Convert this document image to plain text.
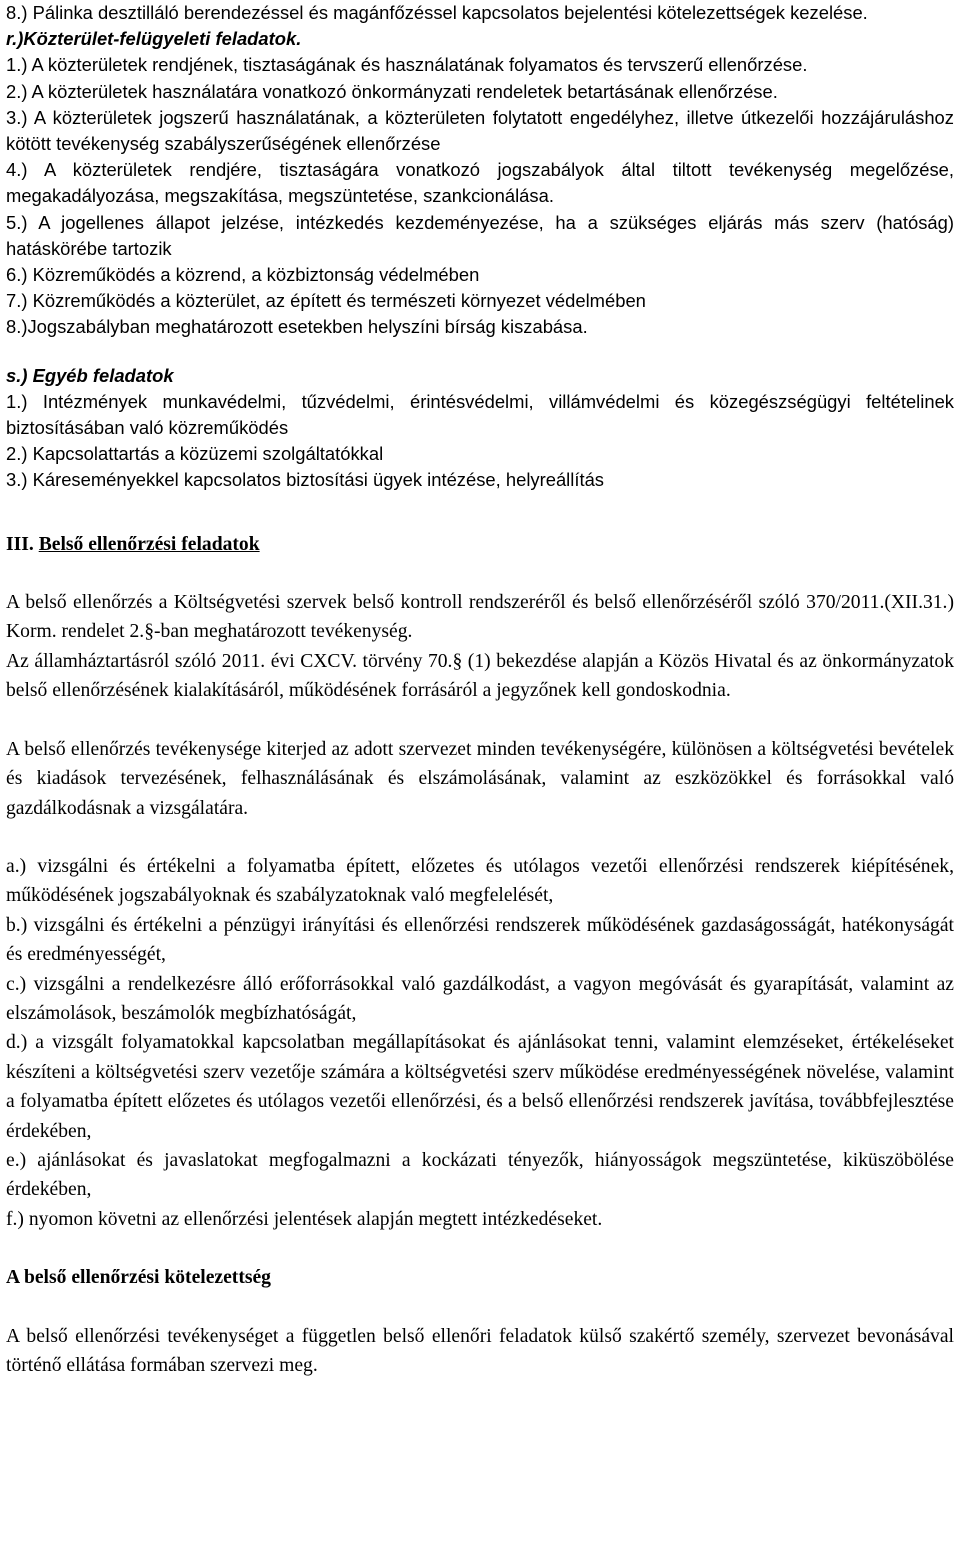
8.) Pálinka desztilláló berendezéssel és magánfőzéssel kapcsolatos bejelentési kötelezettségek kezelése.

r.)Közterület-felügyeleti feladatok.

1.) A közterületek rendjének, tisztaságának és használatának folyamatos és tervszerű ellenőrzése.

2.) A közterületek használatára vonatkozó önkormányzati rendeletek betartásának ellenőrzése.

3.) A közterületek jogszerű használatának, a közterületen folytatott engedélyhez, illetve útkezelői hozzájáruláshoz kötött tevékenység szabályszerűségének ellenőrzése

4.) A közterületek rendjére, tisztaságára vonatkozó jogszabályok által tiltott tevékenység megelőzése, megakadályozása, megszakítása, megszüntetése, szankcionálása.

5.) A jogellenes állapot jelzése, intézkedés kezdeményezése, ha a szükséges eljárás más szerv (hatóság) hatáskörébe tartozik

6.) Közreműködés a közrend, a közbiztonság védelmében

7.) Közreműködés a közterület, az épített és természeti környezet védelmében

8.)Jogszabályban meghatározott esetekben helyszíni bírság kiszabása.

s.) Egyéb feladatok

1.) Intézmények munkavédelmi, tűzvédelmi, érintésvédelmi, villámvédelmi és közegészségügyi feltételinek biztosításában való közreműködés

2.) Kapcsolattartás a közüzemi szolgáltatókkal

3.) Káreseményekkel kapcsolatos biztosítási ügyek intézése, helyreállítás

III. Belső ellenőrzési feladatok

A belső ellenőrzés a Költségvetési szervek belső kontroll rendszeréről és belső ellenőrzéséről szóló 370/2011.(XII.31.) Korm. rendelet 2.§-ban meghatározott tevékenység.

Az államháztartásról szóló 2011. évi CXCV. törvény 70.§ (1) bekezdése alapján a Közös Hivatal és az önkormányzatok belső ellenőrzésének kialakításáról, működésének forrásáról a jegyzőnek kell gondoskodnia.

A belső ellenőrzés tevékenysége kiterjed az adott szervezet minden tevékenységére, különösen a költségvetési bevételek és kiadások tervezésének, felhasználásának és elszámolásának, valamint az eszközökkel és forrásokkal való gazdálkodásnak a vizsgálatára.

a.) vizsgálni és értékelni a folyamatba épített, előzetes és utólagos vezetői ellenőrzési rendszerek kiépítésének, működésének jogszabályoknak és szabályzatoknak való megfelelését,

b.) vizsgálni és értékelni a pénzügyi irányítási és ellenőrzési rendszerek működésének gazdaságosságát, hatékonyságát és eredményességét,

c.) vizsgálni a rendelkezésre álló erőforrásokkal való gazdálkodást, a vagyon megóvását és gyarapítását, valamint az elszámolások, beszámolók megbízhatóságát,

d.) a vizsgált folyamatokkal kapcsolatban megállapításokat és ajánlásokat tenni, valamint elemzéseket, értékeléseket készíteni a költségvetési szerv vezetője számára a költségvetési szerv működése eredményességének növelése, valamint a folyamatba épített előzetes és utólagos vezetői ellenőrzési, és a belső ellenőrzési rendszerek javítása, továbbfejlesztése érdekében,

e.) ajánlásokat és javaslatokat megfogalmazni a kockázati tényezők, hiányosságok megszüntetése, kiküszöbölése érdekében,

f.) nyomon követni az ellenőrzési jelentések alapján megtett intézkedéseket.

A belső ellenőrzési kötelezettség

A belső ellenőrzési tevékenységet a független belső ellenőri feladatok külső szakértő személy, szervezet bevonásával történő ellátása formában szervezi meg.
